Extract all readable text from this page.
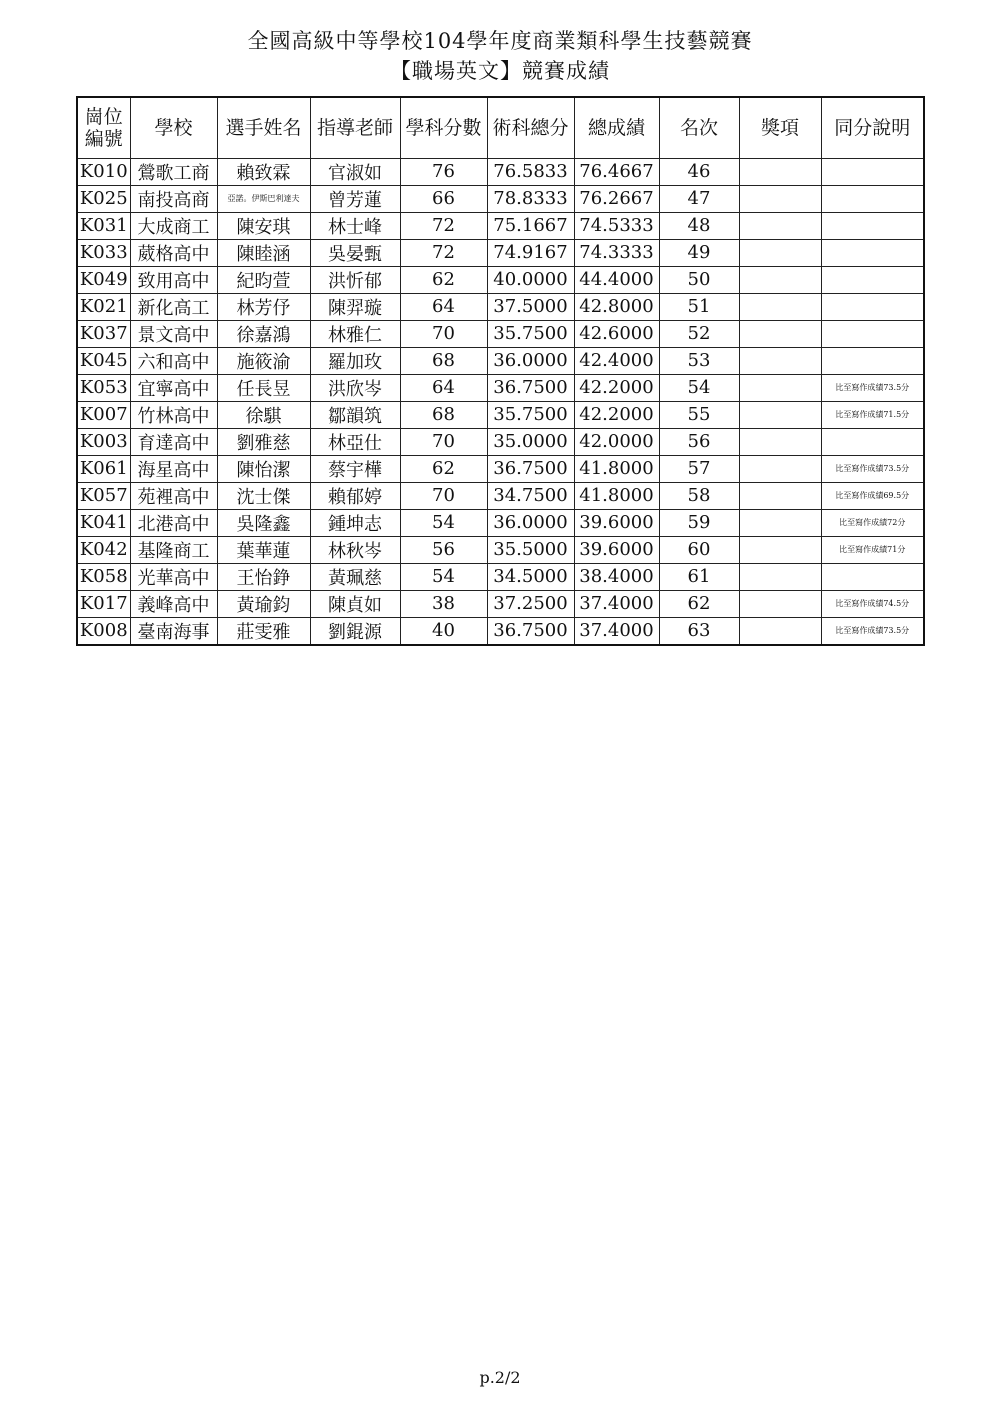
全國高級中等學校104學年度商業類科學生技藝競賽
【職場英文】競賽成績
崗位
編號	學校	選手姓名	指導老師	學科分數	術科總分	總成績	名次	獎項	同分說明
K010	鶯歌工商	賴致霖	官淑如	76	76.5833	76.4667	46		
K025	南投高商	亞諾。伊斯巴利達夫	曾芳蓮	66	78.8333	76.2667	47		
K031	大成商工	陳安琪	林士峰	72	75.1667	74.5333	48		
K033	葳格高中	陳睦涵	吳晏甄	72	74.9167	74.3333	49		
K049	致用高中	紀昀萱	洪忻郁	62	40.0000	44.4000	50		
K021	新化高工	林芳伃	陳羿璇	64	37.5000	42.8000	51		
K037	景文高中	徐嘉鴻	林雅仁	70	35.7500	42.6000	52		
K045	六和高中	施筱渝	羅加玫	68	36.0000	42.4000	53		
K053	宜寧高中	任長昱	洪欣岑	64	36.7500	42.2000	54		比至寫作成績73.5分
K007	竹林高中	徐騏	鄒韻筑	68	35.7500	42.2000	55		比至寫作成績71.5分
K003	育達高中	劉雅慈	林亞仕	70	35.0000	42.0000	56		
K061	海星高中	陳怡潔	蔡宇樺	62	36.7500	41.8000	57		比至寫作成績73.5分
K057	苑裡高中	沈士傑	賴郁婷	70	34.7500	41.8000	58		比至寫作成績69.5分
K041	北港高中	吳隆鑫	鍾坤志	54	36.0000	39.6000	59		比至寫作成績72分
K042	基隆商工	葉華蓮	林秋岑	56	35.5000	39.6000	60		比至寫作成績71分
K058	光華高中	王怡錚	黃珮慈	54	34.5000	38.4000	61		
K017	義峰高中	黃瑜鈞	陳貞如	38	37.2500	37.4000	62		比至寫作成績74.5分
K008	臺南海事	莊雯雅	劉錕源	40	36.7500	37.4000	63		比至寫作成績73.5分
p.2/2
